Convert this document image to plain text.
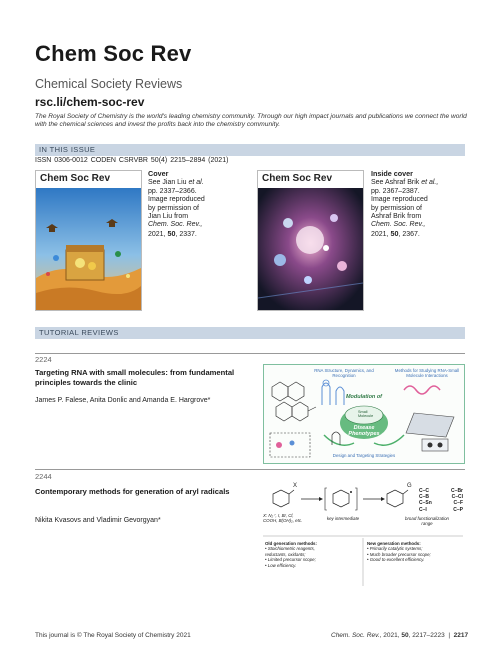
Chem Soc Rev
Chemical Society Reviews
rsc.li/chem-soc-rev
The Royal Society of Chemistry is the world's leading chemistry community. Through our high impact journals and publications we connect the world with the chemical sciences and invest the profits back into the chemistry community.
IN THIS ISSUE
ISSN 0306-0012 CODEN CSRVBR 50(4) 2215–2894 (2021)
Chem Soc Rev	Cover
See Jian Liu et al.
pp. 2337–2366.
Image reproduced
by permission of
Jian Liu from
Chem. Soc. Rev.,
2021, 50, 2337.
Chem Soc Rev	Inside cover
See Ashraf Brik et al.,
pp. 2367–2387.
Image reproduced
by permission of
Ashraf Brik from
Chem. Soc. Rev.,
2021, 50, 2367.
TUTORIAL REVIEWS
2224
Targeting RNA with small molecules: from fundamental principles towards the clinic
James P. Falese, Anita Donlic and Amanda E. Hargrove*
RNA Structure, Dynamics, and Recognition
Methods for Studying RNA-Small Molecule Interactions
Modulation of
Small
Molecule
Disease Phenotypes
Design and Targeting Strategies
2244
Contemporary methods for generation of aryl radicals
Nikita Kvasovs and Vladimir Gevorgyan*
X
X: N₂⁺, I, Br, Cl,
COOH, B(OH)₂, etc.	key intermediate
G
C–C	C–Br
C–B	C–Cl
C–Sn	C–F
C–I	C–P
broad functionalization
range
Old generation methods:
• Stoichiometric reagents,
reductants, oxidants;
• Limited precursor scope;
• Low efficiency.
New generation methods:
• Primarily catalytic systems;
• Much broader precursor scope;
• Good to excellent efficiency.
This journal is © The Royal Society of Chemistry 2021	Chem. Soc. Rev., 2021, 50, 2217–2223  |  2217
